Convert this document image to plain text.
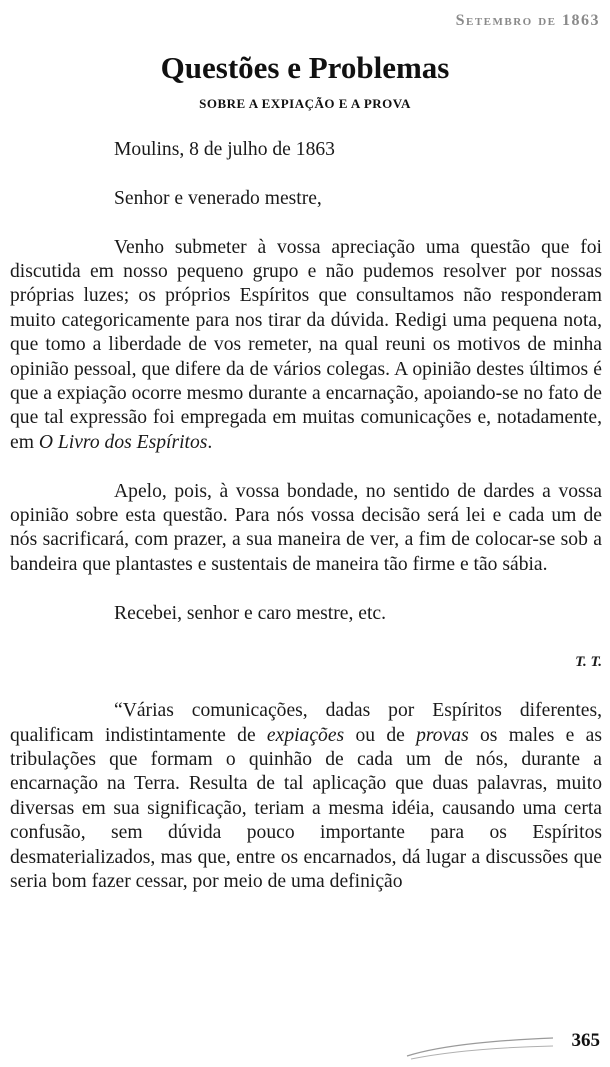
Setembro de 1863
Questões e Problemas
SOBRE A EXPIAÇÃO E A PROVA

Moulins, 8 de julho de 1863

Senhor e venerado mestre,

Venho submeter à vossa apreciação uma questão que foi discutida em nosso pequeno grupo e não pudemos resolver por nossas próprias luzes; os próprios Espíritos que consultamos não responderam muito categoricamente para nos tirar da dúvida. Redigi uma pequena nota, que tomo a liberdade de vos remeter, na qual reuni os motivos de minha opinião pessoal, que difere da de vários colegas. A opinião destes últimos é que a expiação ocorre mesmo durante a encarnação, apoiando-se no fato de que tal expressão foi empregada em muitas comunicações e, notadamente, em O Livro dos Espíritos.

Apelo, pois, à vossa bondade, no sentido de dardes a vossa opinião sobre esta questão. Para nós vossa decisão será lei e cada um de nós sacrificará, com prazer, a sua maneira de ver, a fim de colocar-se sob a bandeira que plantastes e sustentais de maneira tão firme e tão sábia.

Recebei, senhor e caro mestre, etc.

T. T.

“Várias comunicações, dadas por Espíritos diferentes, qualificam indistintamente de expiações ou de provas os males e as tribulações que formam o quinhão de cada um de nós, durante a encarnação na Terra. Resulta de tal aplicação que duas palavras, muito diversas em sua significação, teriam a mesma idéia, causando uma certa confusão, sem dúvida pouco importante para os Espíritos desmaterializados, mas que, entre os encarnados, dá lugar a discussões que seria bom fazer cessar, por meio de uma definição

365
